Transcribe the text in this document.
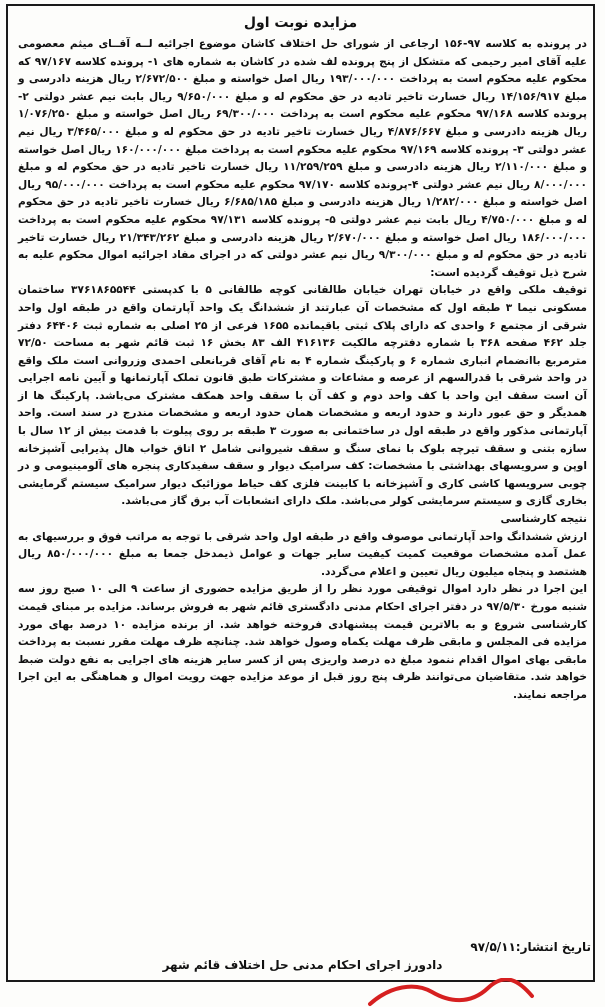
مزایده نوبت اول

در پرونده به کلاسه ۹۷-۱۵۶ ارجاعی از شورای حل اختلاف کاشان موضوع اجرائیه لــه آقــای میثم معصومی علیه آقای امیر رحیمی که متشکل از پنج پرونده لف شده در کاشان به شماره های ۱- پرونده کلاسه ۹۷/۱۶۷ که محکوم علیه محکوم است به پرداخت ۱۹۳/۰۰۰/۰۰۰ ریال اصل خواسته و مبلغ ۲/۶۷۲/۵۰۰ ریال هزینه دادرسی و مبلغ ۱۴/۱۵۶/۹۱۷ ریال خسارت تاخیر تادیه در حق محکوم له و مبلغ ۹/۶۵۰/۰۰۰ ریال بابت نیم عشر دولتی ۲- پرونده کلاسه ۹۷/۱۶۸ محکوم علیه محکوم است به پرداخت ۶۹/۳۰۰/۰۰۰ ریال اصل خواسته و مبلغ ۱/۰۷۶/۲۵۰ ریال هزینه دادرسی و مبلغ ۴/۸۷۶/۶۶۷ ریال خسارت تاخیر تادیه در حق محکوم له و مبلغ ۳/۴۶۵/۰۰۰ ریال نیم عشر دولتی ۳- پرونده کلاسه ۹۷/۱۶۹ محکوم علیه محکوم است به پرداخت مبلغ ۱۶۰/۰۰۰/۰۰۰ ریال اصل خواسته و مبلغ ۲/۱۱۰/۰۰۰ ریال هزینه دادرسی و مبلغ ۱۱/۲۵۹/۲۵۹ ریال خسارت تاخیر تادیه در حق محکوم له و مبلغ ۸/۰۰۰/۰۰۰ ریال نیم عشر دولتی ۴-پرونده کلاسه ۹۷/۱۷۰ محکوم علیه محکوم است به پرداخت ۹۵/۰۰۰/۰۰۰ ریال اصل خواسته و مبلغ ۱/۲۸۲/۰۰۰ ریال هزینه دادرسی و مبلغ ۶/۶۸۵/۱۸۵ ریال خسارت تاخیر تادیه در حق محکوم له و مبلغ ۴/۷۵۰/۰۰۰ ریال بابت نیم عشر دولتی ۵- پرونده کلاسه ۹۷/۱۳۱ محکوم علیه محکوم است به پرداخت ۱۸۶/۰۰۰/۰۰۰ ریال اصل خواسته و مبلغ ۲/۶۷۰/۰۰۰ ریال هزینه دادرسی و مبلغ ۲۱/۳۴۳/۲۶۲ ریال خسارت تاخیر تادیه در حق محکوم له و مبلغ ۹/۳۰۰/۰۰۰ ریال نیم عشر دولتی که در اجرای مفاد اجرائیه اموال محکوم علیه به شرح ذیل توقیف گردیده است:

توقیف ملکی واقع در خیابان تهران خیابان طالقانی کوچه طالقانی ۵ با کدپستی ۳۷۶۱۸۶۵۵۴۴ ساختمان مسکونی نیما ۳ طبقه اول که مشخصات آن عبارتند از ششدانگ یک واحد آپارتمان واقع در طبقه اول واحد شرقی از مجتمع ۶ واحدی که دارای پلاک ثبتی باقیمانده ۱۶۵۵ فرعی از ۲۵ اصلی به شماره ثبت ۶۴۴۰۶ دفتر جلد ۴۶۲ صفحه ۳۶۸ با شماره دفترچه مالکیت ۴۱۶۱۳۶ الف ۸۳ بخش ۱۶ ثبت قائم شهر به مساحت ۷۲/۵۰ مترمربع باانضمام انباری شماره ۶ و پارکینگ شماره ۴ به نام آقای قربانعلی احمدی وزروانی است ملک واقع در واحد شرقی با قدرالسهم از عرصه و مشاعات و مشترکات طبق قانون تملک آپارتمانها و آیین نامه اجرایی آن است سقف این واحد با کف واحد دوم و کف آن با سقف واحد همکف مشترک می‌باشد. پارکینگ ها از همدیگر و حق عبور دارند و حدود اربعه و مشخصات همان حدود اربعه و مشخصات مندرج در سند است. واحد آپارتمانی مذکور واقع در طبقه اول در ساختمانی به صورت ۳ طبقه بر روی پیلوت با قدمت بیش از ۱۲ سال با سازه بتنی و سقف تیرچه بلوک با نمای سنگ و سقف شیروانی شامل ۲ اتاق خواب هال پذیرایی آشپزخانه اوپن و سرویسهای بهداشتی با مشخصات: کف سرامیک دیوار و سقف سفیدکاری پنجره های آلومینیومی و در چوبی سرویسها کاشی کاری و آشپزخانه با کابینت فلزی کف حیاط موزائیک دیوار سرامیک سیستم گرمایشی بخاری گازی و سیستم سرمایشی کولر می‌باشد. ملک دارای انشعابات آب برق گاز می‌باشد.

نتیجه کارشناسی

ارزش ششدانگ واحد آپارتمانی موصوف واقع در طبقه اول واحد شرقی با توجه به مراتب فوق و بررسیهای به عمل آمده مشخصات موقعیت کمیت کیفیت سایر جهات و عوامل ذیمدخل جمعا به مبلغ ۸۵۰/۰۰۰/۰۰۰ ریال هشتصد و پنجاه میلیون ریال تعیین و اعلام می‌گردد.

این اجرا در نظر دارد اموال توقیفی مورد نظر را از طریق مزایده حضوری از ساعت ۹ الی ۱۰ صبح روز سه شنبه مورخ ۹۷/۵/۳۰ در دفتر اجرای احکام مدنی دادگستری قائم شهر به فروش برساند. مزایده بر مبنای قیمت کارشناسی شروع و به بالاترین قیمت پیشنهادی فروخته خواهد شد. از برنده مزایده ۱۰ درصد بهای مورد مزایده فی المجلس و مابقی ظرف مهلت یکماه وصول خواهد شد. چنانچه ظرف مهلت مقرر نسبت به پرداخت مابقی بهای اموال اقدام ننمود مبلغ ده درصد واریزی پس از کسر سایر هزینه های اجرایی به نفع دولت ضبط خواهد شد. متقاضیان می‌توانند ظرف پنج روز قبل از موعد مزایده جهت رویت اموال و هماهنگی به این اجرا مراجعه نمایند.

تاریخ انتشار:۹۷/۵/۱۱
دادورز اجرای احکام مدنی حل اختلاف قائم شهر
